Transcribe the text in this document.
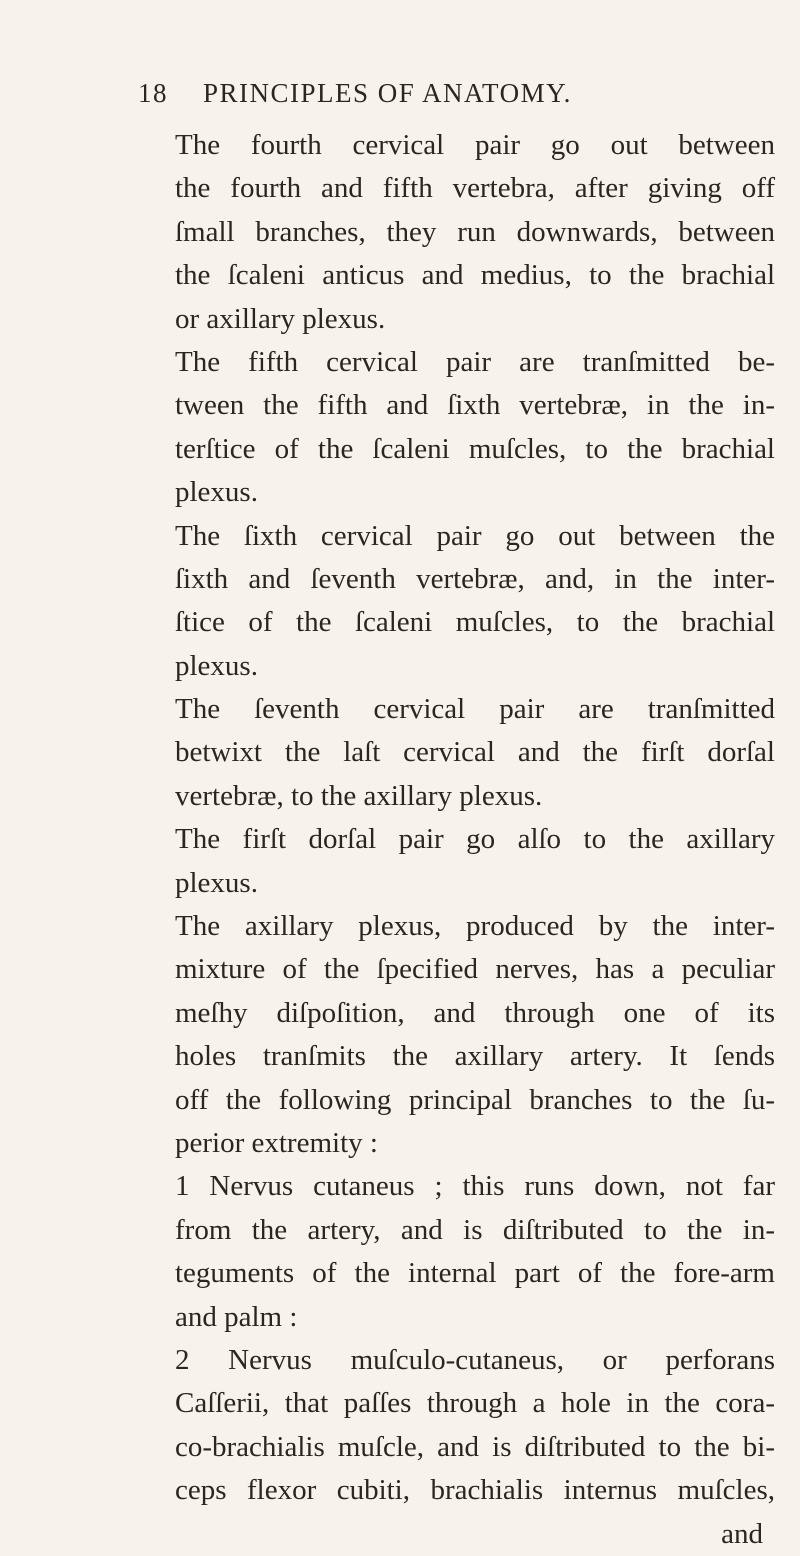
18 PRINCIPLES OF ANATOMY.
The fourth cervical pair go out between
the fourth and fifth vertebra, after giving off
ſmall branches, they run downwards, between
the ſcaleni anticus and medius, to the brachial
or axillary plexus.
The fifth cervical pair are tranſmitted be-
tween the fifth and ſixth vertebræ, in the in-
terſtice of the ſcaleni muſcles, to the brachial
plexus.
The ſixth cervical pair go out between the
ſixth and ſeventh vertebræ, and, in the inter-
ſtice of the ſcaleni muſcles, to the brachial
plexus.
The ſeventh cervical pair are tranſmitted
betwixt the laſt cervical and the firſt dorſal
vertebræ, to the axillary plexus.
The firſt dorſal pair go alſo to the axillary
plexus.
The axillary plexus, produced by the inter-
mixture of the ſpecified nerves, has a peculiar
meſhy diſpoſition, and through one of its
holes tranſmits the axillary artery. It ſends
off the following principal branches to the ſu-
perior extremity :
1 Nervus cutaneus ; this runs down, not far
from the artery, and is diſtributed to the in-
teguments of the internal part of the fore-arm
and palm :
2 Nervus muſculo-cutaneus, or perforans
Caſſerii, that paſſes through a hole in the cora-
co-brachialis muſcle, and is diſtributed to the bi-
ceps flexor cubiti, brachialis internus muſcles,
and
